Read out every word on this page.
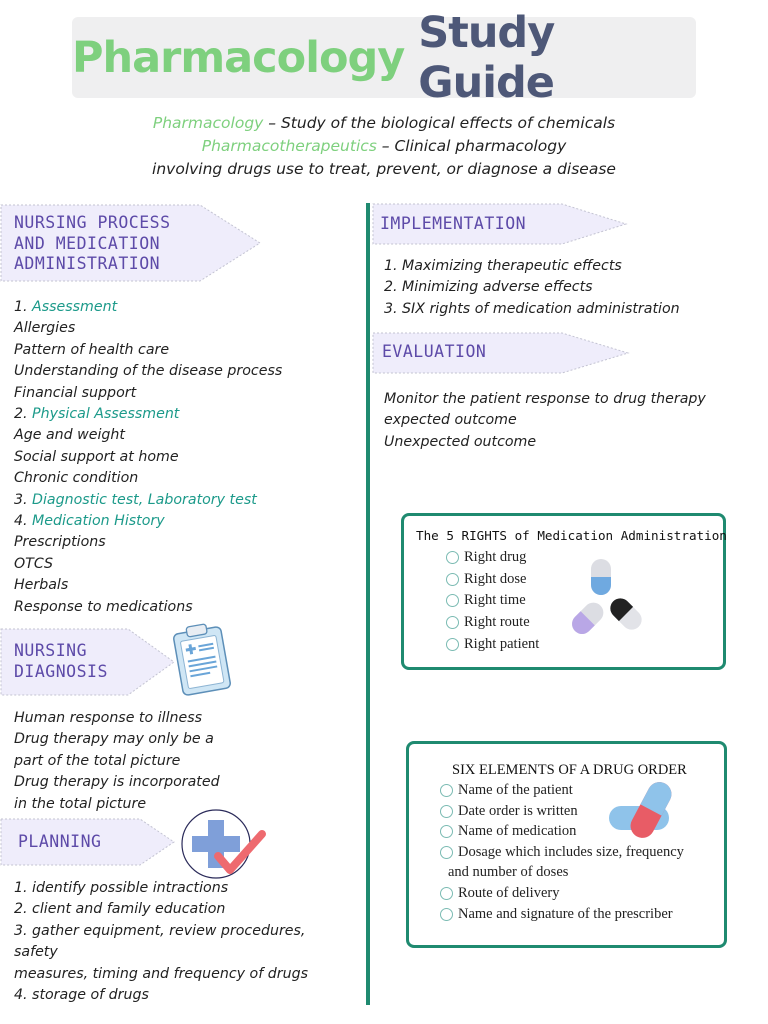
Pharmacology Study Guide
Pharmacology – Study of the biological effects of chemicals
Pharmacotherapeutics – Clinical pharmacology
involving drugs use to treat, prevent, or diagnose a disease
NURSING PROCESS
AND MEDICATION
ADMINISTRATION
1. Assessment
Allergies
Pattern of health care
Understanding of the disease process
Financial support
2. Physical Assessment
Age and weight
Social support at home
Chronic condition
3. Diagnostic test, Laboratory test
4. Medication History
Prescriptions
OTCS
Herbals
Response to medications
NURSING
DIAGNOSIS
Human response to illness
Drug therapy may only be a
part of the total picture
Drug therapy is incorporated
in the total picture
PLANNING
1. identify possible intractions
2. client and family education
3. gather equipment, review procedures,
safety
measures, timing and frequency of drugs
4. storage of drugs
IMPLEMENTATION
1. Maximizing therapeutic effects
2. Minimizing adverse effects
3. SIX rights of medication administration
EVALUATION
Monitor the patient response to drug therapy
expected outcome
Unexpected outcome
The 5 RIGHTS of Medication Administration
Right drug
Right dose
Right time
Right route
Right patient
SIX ELEMENTS OF A DRUG ORDER
Name of the patient
Date order is written
Name of medication
Dosage which includes size, frequency
and number of doses
Route of delivery
Name and signature of the prescriber
